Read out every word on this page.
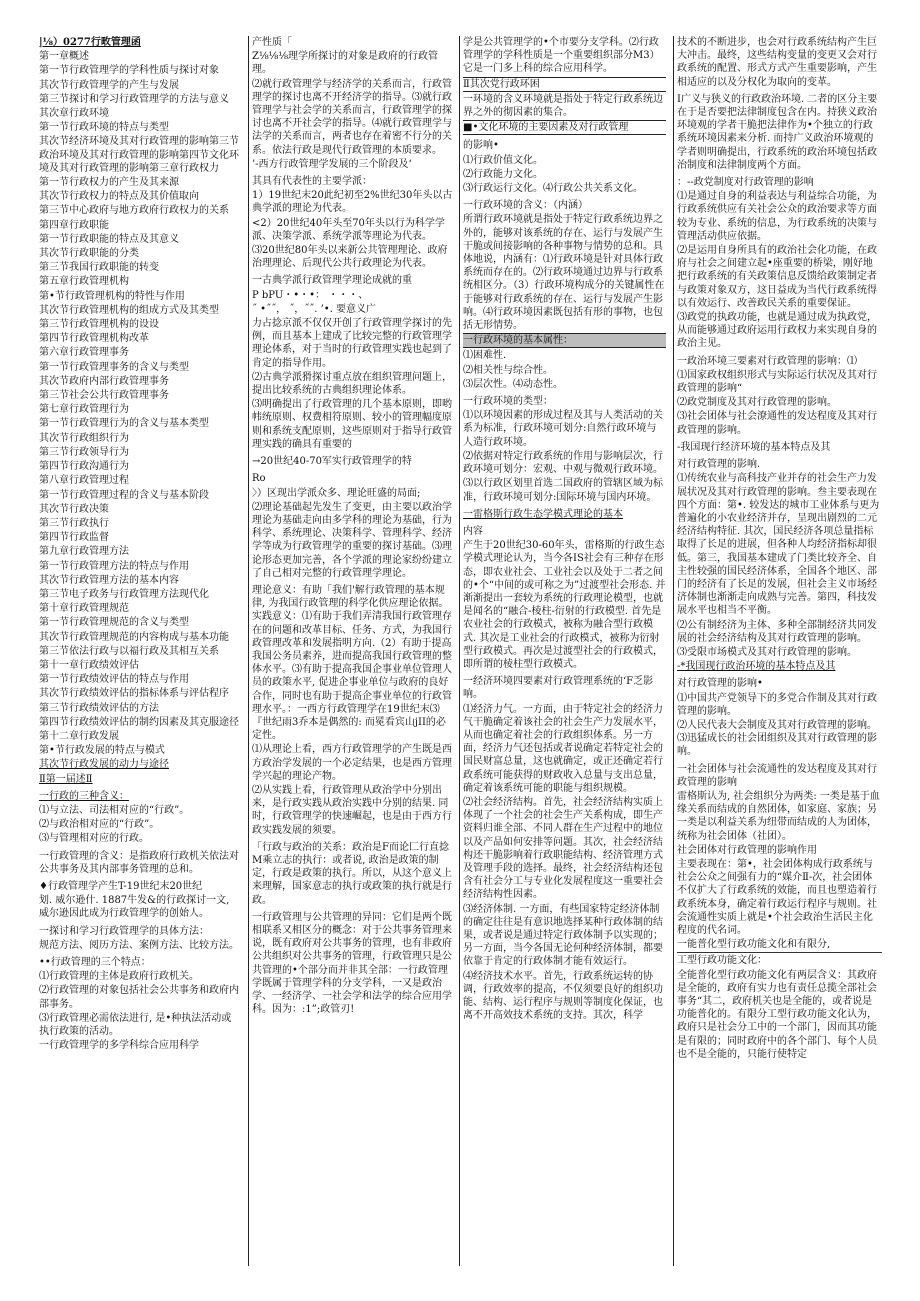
|⅛）0277行畋管理函

第一章概述

第一节行政管理学的学科性质与探讨对象

其次节行政管理学的产生与发展

第三节探讨和学习行政管理学的方法与意义

其次章行政环境

第一节行政环境的特点与类型

其次节经济环境及其对行政管理的影响第三节政治环境及其对行政管理的影响第四节文化环境及其对行政管理的影响第三章行政权力

第一节行政权力的产生及其来源

其次节行政权力的特点及其价值取向

第三节中心政府与地方政府行政权力的关系

第四章行政职能

第一节行政职能的特点及其意义

其次节行政职能的分类

第三节我国行政职能的转变

第五章行政管理机构

第•节行政管理机构的特性与作用

其次节行政管理机构的组成方式及其类型

第三节行政管理机构的设设

第四节行政管理机构改革

第六章行政管理事务

第一节行政管理事务的含义与类型

其次节政府内部行政管理事务

第三节社会公共行政管理事务

第七章行政管理行为

第一节行政管理行为的含义与基本类型

其次节行政组织行为

第三节行政领导行为

第四节行政沟通行为

第八章行政管理过程

第一节行政管理过程的含义与基本阶段

其次节行政决策

第三节行政执行

第四节行政监督

第九章行政管理方法

第一节行政管理方法的特点与作用

其次节行政管理方法的基本内容

第三节电子政务与行政管理方法现代化

第十章行政管理规范

第一节行政管理规范的含义与类型

其次节行政管理规范的内容构成与基本功能

第三节依法行政与以福行政及其相互关系

第十一章行政绩效评估

第一节行政绩效评估的特点与作用

其次节行政绩效评估的指标体系与评估程序

第三节行政绩效评估的方法

第四节行政绩效评估的制约因素及其克服途径

第十二章行政发展

第•节行政发展的特点与模式

其次节行政发展的动力与途径

Ⅱ第一届述Ⅱ

一行政的三种含义：

⑴与立法、司法相对应的“行政”。

⑵与政治相对应的“行政”。

⑶与管理相对应的行政。

一行政管理的含义：是指政府行政机关依法对公共事务及其内部事务管理的总和。

♦行政管理学产生T-19世纪末20世纪

划. 威尔逊什. 1887牛发&的行政探讨一文, 威尔逊因此成为行政管理学的创始人。

一探讨和学习行政管理学的具体方法：

规范方法、阅历方法、案例方法、比较方法。

••行政管理的三个特点：

⑴行政管理的主体是政府行政机关。

⑵行政管理的对象包括社会公共事务和政府内部事务。

⑶行政管理必需依法进行, 是•种执法活动或执行政策的活动。

一行政管理学的多学科综合应用科学

产性质「

Z⅛⅛⅛理学所探讨的对象是政府的行政管理。

⑵就行政管理学与经济学的关系而言，行政管理学的探讨也离不开经济学的指导。⑶就行政管理学与社会学的关系而言，行政管理学的探讨也离不开社会学的指导。⑷就行政管理学与法学的关系而言，两者也存在着密不行分的关系。依法行政是现代行政管理的本质要求。

’-西方行政管理学发展的三个阶段及‘

其具有代表性的主要学派：

1）19世纪末20此纪初至2%世纪30年头以古典学派的理论为代表。

<2）20世纪40年头至70年头以行为科学学派、决策学派、系统学派等理论为代表。

⑶20世纪80年头以来新公共管理理论、政府治理理论、后现代公共行政理论为代表。

一古典学派行政管理学理论成就的重

P bPU・•・•： ・・・、

˝ •˝˝， ˝，˝˝. ’•. 要意义广

力占捻京派不仅仅开创了行政管理学探讨的先例，而且基本上建成了比较完整的行政管理学理论体系，对于当时的行政管理实践也起到了肯定的指导作用。

⑵古典学派猾探讨重点放在组织管理问题上，提出比较系统的古典组织理论体系。

⑶明确提出了行政管理的几个基本原则，即哟帏统原则、权费相符原则、较小的管理幅度原则和系统支配原则，这些原则对于指导行政管理实践的确具有重要的

→20世纪40-70军实行政管理学的特

Ro

〉）区现出学派众多、理论旺盛的局面;

⑵理论基础起先发生了变更，由主要以政治学理论为基础走向由多学科的理论为基础，行为科学、系统理论、决策科学、管理科学、经济学等成为行政管理学的重要的探讨基础。⑶理论形态更加完善，各个学派的理论家纷纷建立了自己相对完整的行政管理学理论。

理论意义：有助「我们'解行政管理的基本规律, 为我国行政管理的科学化供应理论依据。实践意义：⑴有助于我们弄清我国行政管理存在的问题和改革目标、任务、方式，为我国行政管理改革和发展指明方向.（2）有助于提高我国公务员素养，进而提高我国行政管理的整体水平。⑶有助于提高我国企事业单位管理人员的政策水平, 促进企事业单位与政府的良好合作，同时也有助于提高企事业单位的行政管理水平。：一西方行政管理学在19世纪末⑶『世纪雨3乔本是偶然的: 而冕看宾山jII的必定性。

⑴从理论上看，西方行政管理学的产生既是西方政治学发展的一个必定结果，也是西方管理学兴起的理论产物。

⑵从实践上看，行政管理从政治学中分别出来，是行政实践从政治实践中分别的结果. 同时，行政管理学的快速崛起，也是由于西方行政实践发展的须要。

「行政与政治的关系：政治是F而论匚行直捻M乘立志的执行：或者说, 政治是政策的制定，行政是政策的执行。所以，从这个意义上来理解，国家意志的执行或政策的执行就是行政。

一行政管理与公共管理的异同：它们是两个既相联系又相区分的概念：对于公共事务管理来说，既有政府对公共事务的管理，也有非政府公共组织对公共事务的管理，行政管理只是公共管理的•个部分而并非其全部：一行政管理学既属于管理学科的分支学科，一又是政治学、一经济学、一社会学和法学的综合应用学科。因为：:1”;政管刃!

学是公共管理学的•个市要分支学科。⑵行政管理学的学科性质是一个重要组织部分M3）它是一门多上科的综合应用科学。

Ⅱ其次党行政环困

一环境的含义环境就是指处于特定行政系统边界之外的彻因素的集合。

■•文化环境的主要因素及对行政管理

的影响•

⑴行政价值文化。

⑵行政能力文化。

⑶行政运行文化。⑷行政公共关系文化。

一行政环境的含义：（内涵）

所谓行政环境就是指处于特定行政系统边界之外的，能够对该系统的存在、运行与发展产生干脆或间接影响的各种事物与情势的总和。具体地说，内涵有：⑴行政环境是针对具体行政系统而存在的。⑵行政环境通过边界与行政系统相区分。（3）行政环境构成分的关键属性在于能够对行政系统的存在、运行与发展产生影响。⑷行政环境因素既包括有形的事物，也包括无形情势。

一行政环境的基本属性：

⑴困难性.

⑵相关性与综合性。

⑶层次性。⑷动态性。

一行政环境的类型：

⑴以环境因素的形成过程及其与人类活动的关系为标准，行政环境可划分:自然行政环境与人造行政环境。

⑵依据对特定行政系统的作用与影响层次，行政环境可划分：宏观、中观与微观行政环境。

⑶以行政区划里首选二国政府的管辖区域为标准，行政环境可划分:国际环境与国内环境。

一雷格斯行政生态学模式理论的基本

内容

产生于20世纪30-60年头，雷格斯的行政生态学模式理论认为，当今各IS社会有三种存在形态，即农业社会、工业社会以及处于二者之间的•个“中间的或可称之为”过渡型社会形态. 并渐渐提出一套较为系统的行政理论模型，也就是闻名的“融合-棱柱-衍射的行政模型. 首先是农业社会的行政模式，被称为融合型行政模式. 其次是工业社会的行政模式，被称为衍射型行政模式。再次是过渡型社会的行政模式，即所谓的棱柱型行政模式。

一经济环境四要素对行政管理系统的‘F乏影响。

⑴经济力气。一方面，由于特定社会的经济力气干脆确定着该社会的社会生产力发展水平，从而也确定着社会的行政组织体系。另一方面，经济力气还包括或者说确定若特定社会的国民财富总量，这也就确定，或正还确定若行政系统可能获得的财政收入总量与支出总量，确定着该系统可能的职能与组织规模。

⑵社会经济结构。首先，社会经济结构实质上体现了一个社会的社会生产关系构成，即生产资料归谁全部、不同人群在生产过程中的地位以及产品如何安排等问题。其次，社会经济结构还干脆影响着行政职能结构、经济管理方式及管理手段的选择。最终，社会经济结构还包含有社会分工与专业化发展程度这一重要社会经济结构性因素。

⑶经济体制. 一方面，有些国家特定经济体制的确定往往是有意识地选择某种行政体制的结果，或者说是通过特定行政体制予以实现的；另一方面，当今各国无论何种经济体制，都要依靠于肯定的行政体制才能有效运行。

⑷经济技术水平。首先，行政系统运转的协调，行政效率的提高，不仅须要良好的组织功能、结构、运行程序与规则等制度化保证，也离不开高效技术系统的支持。其次，科学

技术的不断进步，也会对行政系统结构产生巨大冲击。最终，这些结构变量的变更又会对行政系统的配置、形式方式产生重要影响，产生相适应的以及分权化为取向的变革。

I广义与狭义的行政政治环境. 二者的区分主要在于是否要把法律制度包含在内。持狭义政治环境观的学者干脆把法律作为•个独立的行政系统环境因素来分析. 而持广义政治环境观的学者则明确提出，行政系统的政治环境包括政治制度和法律制度两个方面。

：--政党制度对行政管理的影响

⑴是通过自身的利益表达与利益综合功能，为行政系统供应有关社会公众的政治要求等方面较为专业、系统的信息，为行政系统的决策与管理活动供应依据。

⑵是运用自身所具有的政治社会化功能，在政府与社会之间建立起•座重要的桥梁，刚好地把行政系统的有关政策信息反馈给政策制定者与政策对象双方，这日益成为当代行政系统得以有效运行、改善政民关系的重要保证。

⑶政党的执政功能，也就是通过成为执政党，从而能够通过政府运用行政权力来实现自身的政治主见。

一政治环境三要素对行政管理的影响：⑴

⑴国家政权组织形式与实际运行状况及其对行政管理的影响“

⑵政党制度及其对行政管理的影响。

⑶社会团体与社会潦通性的发达程度及其对行政管理的影响。

-我国现行经济环境的基本特点及其

对行政管理的影响.

⑴传统农业与高科技产业并存的社会生产力发展状况及其对行政管理的影响。叁主要表现在四个方面：第•. 较发达的城市工业体系与更为普遍化的小农业经济并存，呈现出剧烈的二元经济结构特征. 其次，国民经济各项总量指标取得了长足的进展，但各种人均经济指标却很低。第三，我国基本建成了门类比较齐全、自主性较强的国民经济体系，全国各个地区、部门的经济有了长足的发展，但社会主义市场经济体制也渐渐走向成熟与完善。第四，科技发展水平也相当不平衡。

⑵公有制经济为主体、多种全部制经济共同发展的社会经济结构及其对行政管理的影响。

⑶受限市场模式及其对行政管理的影响。

-*我国现行政治环境的基本特点及其

对行政管理的影响•

⑴中国共产党领导下的多党合作制及其对行政管理的影响。

⑵人民代表大会制度及其对行政管理的影响。⑶迅猛成长的社会团组织及其对行政管理的影响。

一社会团体与社会流通性的发达程度及其对行政管理的影响

雷格斯认为, 社会组织分为两类: 一类是基于血缘关系而结成的自然团体，如家庭、家族；另一类是以利益关系为纽带而结成的人为团体，统称为社会团体（社团）。

社会团体对行政管理的影响作用

主要表现在：第•，社会团体构成行政系统与社会公众之间强有力的“媒介Ⅱ-次，社会团体不仅扩大了行政系统的效能，而且也塑造着行政系统本身，确定着行政运行程序与规则。社会流通性实质上就是•个社会政治生活民主化程度的代名词。

一能普化型行政功能文化和有限分,

工型行政功能文化：

全能普化型行政功能文化有两层含义：其政府是全能的，政府有实力也有责任总揽全部社会事务“其二，政府机关也是全能的，或者说是功能普化的。有限分工型行政功能文化认为，政府只是社会分工中的一个部门，因而其功能是有限的；同时政府中的各个部门、每个人员也不是全能的，只能行使特定
